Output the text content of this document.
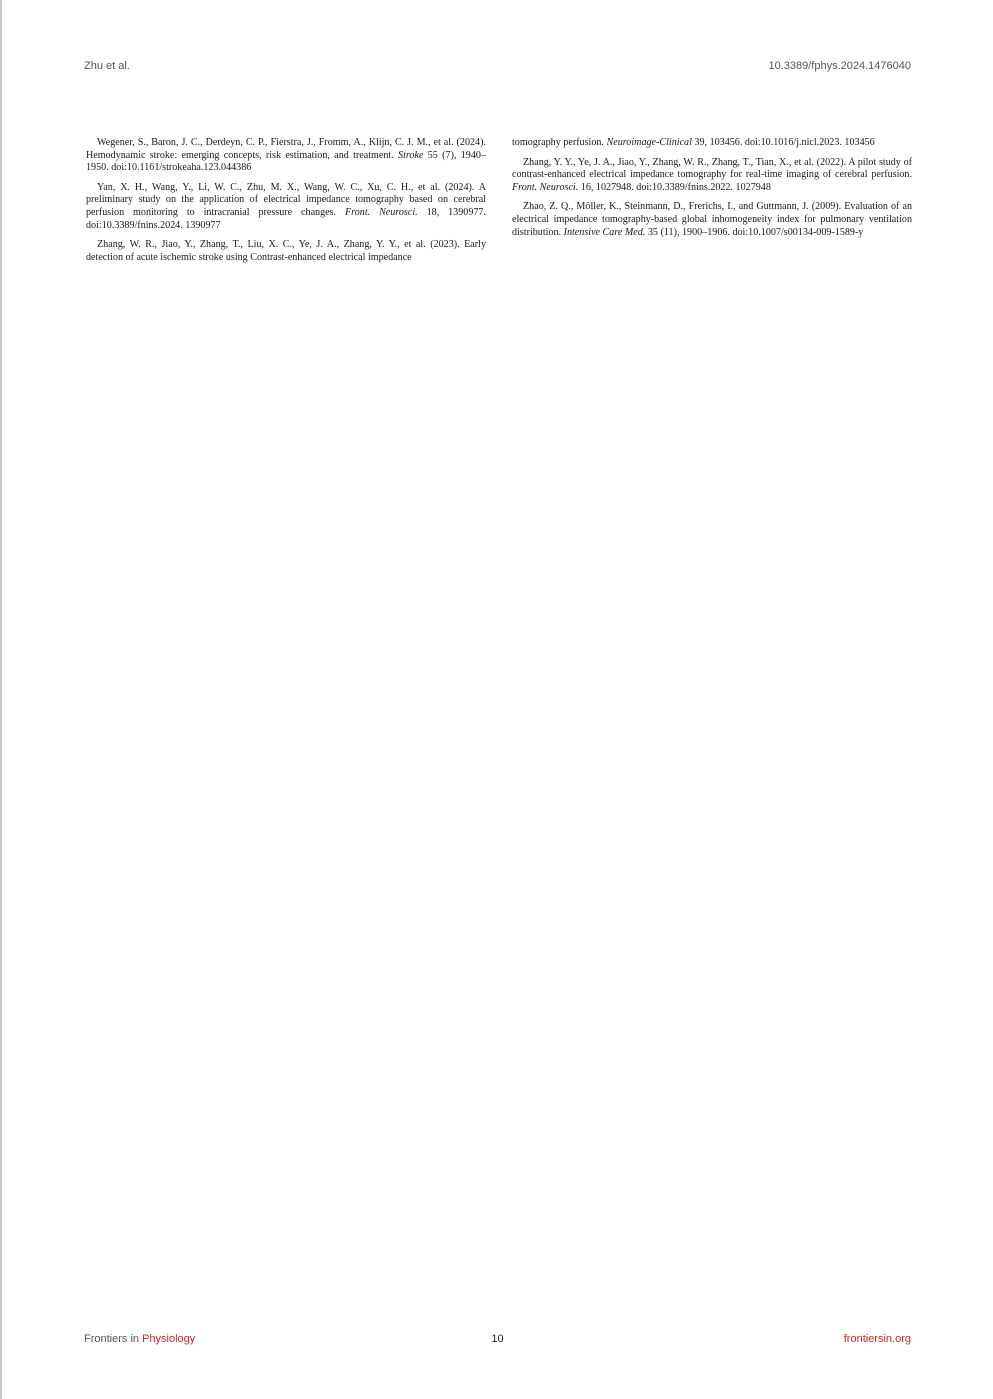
Zhu et al.	10.3389/fphys.2024.1476040

Wegener, S., Baron, J. C., Derdeyn, C. P., Fierstra, J., Fromm, A., Klijn, C. J. M., et al. (2024). Hemodynamic stroke: emerging concepts, risk estimation, and treatment. Stroke 55 (7), 1940–1950. doi:10.1161/strokeaha.123.044386

Yan, X. H., Wang, Y., Li, W. C., Zhu, M. X., Wang, W. C., Xu, C. H., et al. (2024). A preliminary study on the application of electrical impedance tomography based on cerebral perfusion monitoring to intracranial pressure changes. Front. Neurosci. 18, 1390977. doi:10.3389/fnins.2024. 1390977

Zhang, W. R., Jiao, Y., Zhang, T., Liu, X. C., Ye, J. A., Zhang, Y. Y., et al. (2023). Early detection of acute ischemic stroke using Contrast-enhanced electrical impedance

tomography perfusion. Neuroimage-Clinical 39, 103456. doi:10.1016/j.nicl.2023. 103456

Zhang, Y. Y., Ye, J. A., Jiao, Y., Zhang, W. R., Zhang, T., Tian, X., et al. (2022). A pilot study of contrast-enhanced electrical impedance tomography for real-time imaging of cerebral perfusion. Front. Neurosci. 16, 1027948. doi:10.3389/fnins.2022. 1027948

Zhao, Z. Q., Möller, K., Steinmann, D., Frerichs, I., and Guttmann, J. (2009). Evaluation of an electrical impedance tomography-based global inhomogeneity index for pulmonary ventilation distribution. Intensive Care Med. 35 (11), 1900–1906. doi:10.1007/s00134-009-1589-y

Frontiers in Physiology	10	frontiersin.org
